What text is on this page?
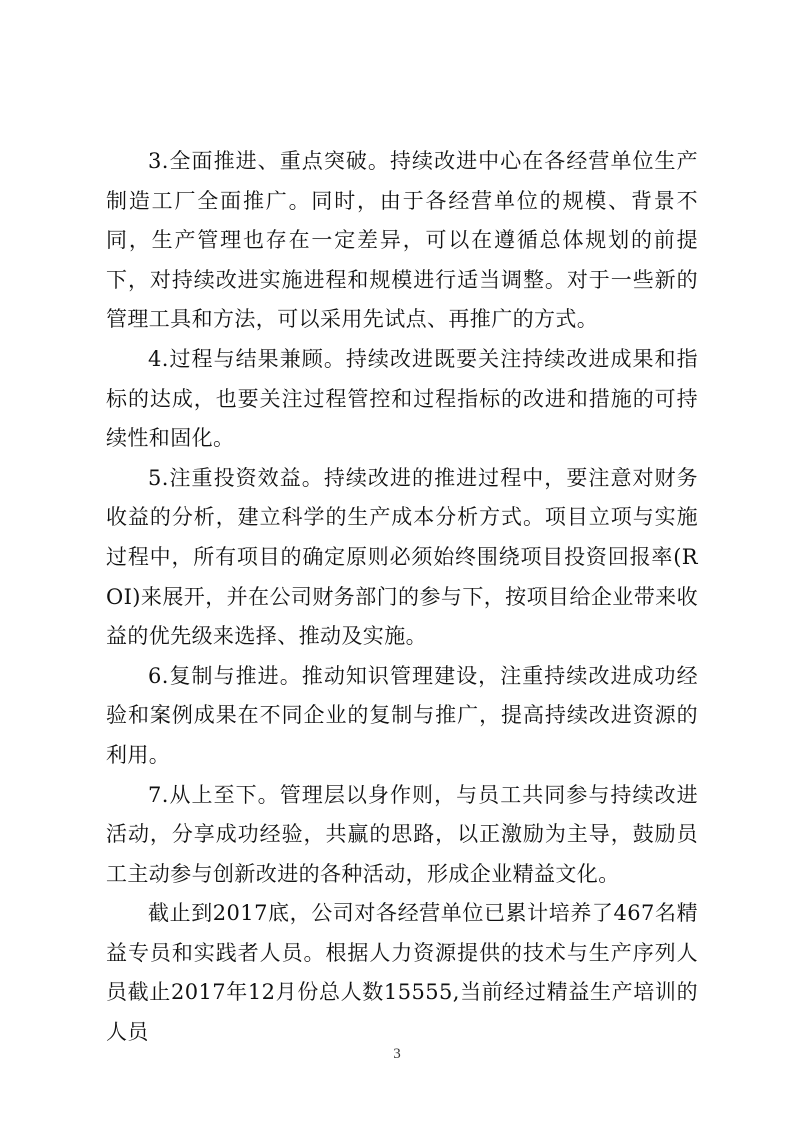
3.全面推进、重点突破。持续改进中心在各经营单位生产制造工厂全面推广。同时，由于各经营单位的规模、背景不同，生产管理也存在一定差异，可以在遵循总体规划的前提下，对持续改进实施进程和规模进行适当调整。对于一些新的管理工具和方法，可以采用先试点、再推广的方式。

4.过程与结果兼顾。持续改进既要关注持续改进成果和指标的达成，也要关注过程管控和过程指标的改进和措施的可持续性和固化。

5.注重投资效益。持续改进的推进过程中，要注意对财务收益的分析，建立科学的生产成本分析方式。项目立项与实施过程中，所有项目的确定原则必须始终围绕项目投资回报率(ROI)来展开，并在公司财务部门的参与下，按项目给企业带来收益的优先级来选择、推动及实施。

6.复制与推进。推动知识管理建设，注重持续改进成功经验和案例成果在不同企业的复制与推广，提高持续改进资源的利用。

7.从上至下。管理层以身作则，与员工共同参与持续改进活动，分享成功经验，共赢的思路，以正激励为主导，鼓励员工主动参与创新改进的各种活动，形成企业精益文化。

截止到2017底，公司对各经营单位已累计培养了467名精益专员和实践者人员。根据人力资源提供的技术与生产序列人员截止2017年12月份总人数15555,当前经过精益生产培训的人员

3
